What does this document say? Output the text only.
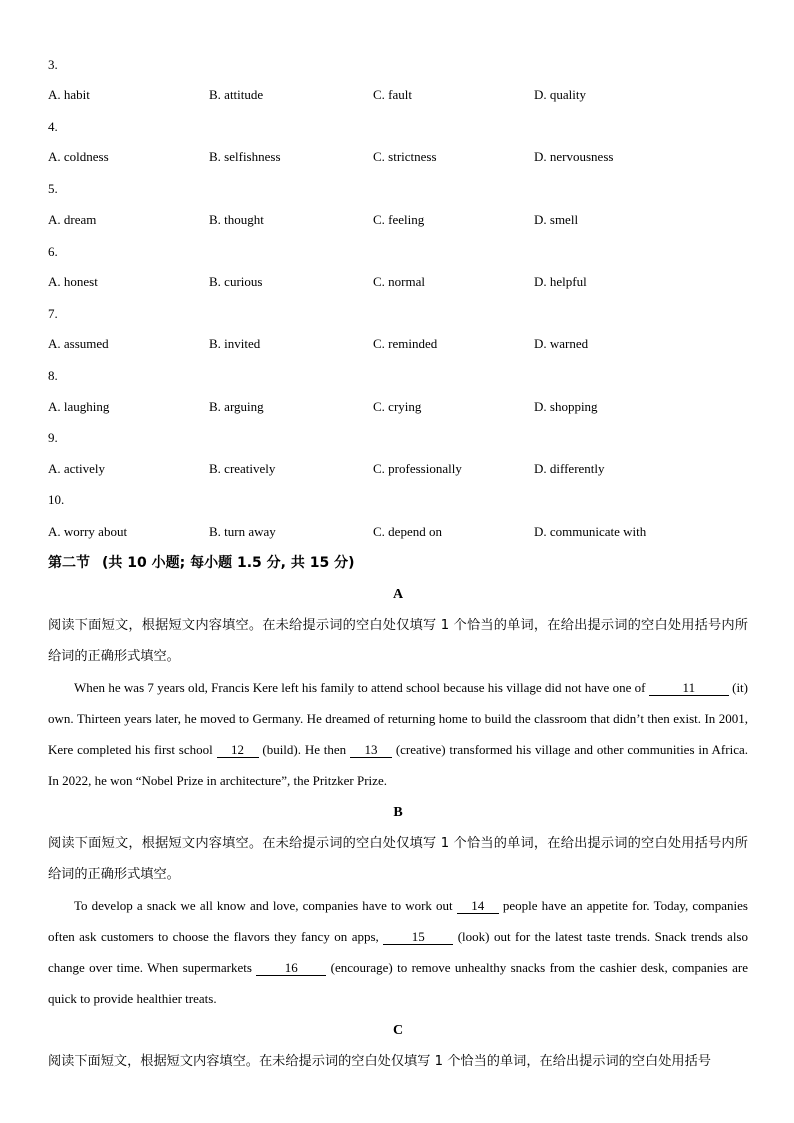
3.
A. habit	B. attitude	C. fault	D. quality
4.
A. coldness	B. selfishness	C. strictness	D. nervousness
5.
A. dream	B. thought	C. feeling	D. smell
6.
A. honest	B. curious	C. normal	D. helpful
7.
A. assumed	B. invited	C. reminded	D. warned
8.
A. laughing	B. arguing	C. crying	D. shopping
9.
A. actively	B. creatively	C. professionally	D. differently
10.
A. worry about	B. turn away	C. depend on	D. communicate with
第二节 (共 10 小题; 每小题 1.5 分, 共 15 分)
A
阅读下面短文，根据短文内容填空。在未给提示词的空白处仅填写 1 个恰当的单词，在给出提示词的空白处用括号内所给词的正确形式填空。
When he was 7 years old, Francis Kere left his family to attend school because his village did not have one of	11	(it) own. Thirteen years later, he moved to Germany. He dreamed of returning home to build the classroom that didn’t then exist. In 2001, Kere completed his first school 12 (build). He then 13 (creative) transformed his village and other communities in Africa. In 2022, he won “Nobel Prize in architecture”, the Pritzker Prize.
B
阅读下面短文，根据短文内容填空。在未给提示词的空白处仅填写 1 个恰当的单词，在给出提示词的空白处用括号内所给词的正确形式填空。
To develop a snack we all know and love, companies have to work out 14 people have an appetite for. Today, companies often ask customers to choose the flavors they fancy on apps, 15 (look) out for the latest taste trends. Snack trends also change over time. When supermarkets 16 (encourage) to remove unhealthy snacks from the cashier desk, companies are quick to provide healthier treats.
C
阅读下面短文，根据短文内容填空。在未给提示词的空白处仅填写 1 个恰当的单词，在给出提示词的空白处用括号
